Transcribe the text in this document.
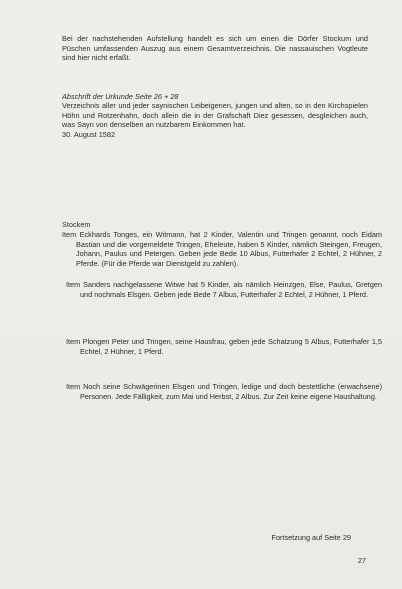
Bei der nachstehenden Aufstellung handelt es sich um einen die Dörfer Stockum und Püschen umfassenden Auszug aus einem Gesamtverzeichnis. Die nassauischen Vogtleute sind hier nicht erfaßt.

Abschrift der Urkunde Seite 26 + 28

Verzeichnis aller und jeder saynischen Leibeigenen, jungen und alten, so in den Kirchspielen Höhn und Rotzenhahn, doch allein die in der Grafschaft Diez gesessen, desgleichen auch, was Sayn von denselben an nutzbarem Einkommen hat.

30. August 1582

Stockem

Item Eckhards Tonges, ein Witmann, hat 2 Kinder, Valentin und Tringen genannt, noch Eidam Bastian und die vorgemeldete Tringen, Eheleute, haben 5 Kinder, nämlich Steingen, Freugen, Johann, Paulus und Petergen. Geben jede Bede 10 Albus, Futterhafer 2 Echtel, 2 Hühner, 2 Pferde. (Für die Pferde war Dienstgeld zu zahlen).

Item Sanders nachgelassene Witwe hat 5 Kinder, als nämlich Heinzgen, Else, Paulus, Gretgen und nochmals Elsgen. Geben jede Bede 7 Albus, Futterhafer 2 Echtel, 2 Hühner, 1 Pferd.

Item Plongen Peter und Tringen, seine Hausfrau, geben jede Schatzung 5 Albus, Futterhafer 1,5 Echtel, 2 Hühner, 1 Pferd.

Item Noch seine Schwägerinen Elsgen und Tringen, ledige und doch bestettliche (erwachsene) Personen. Jede Fälligkeit, zum Mai und Herbst, 2 Albus. Zur Zeit keine eigene Haushaltung.

Fortsetzung auf Seite 29

27
